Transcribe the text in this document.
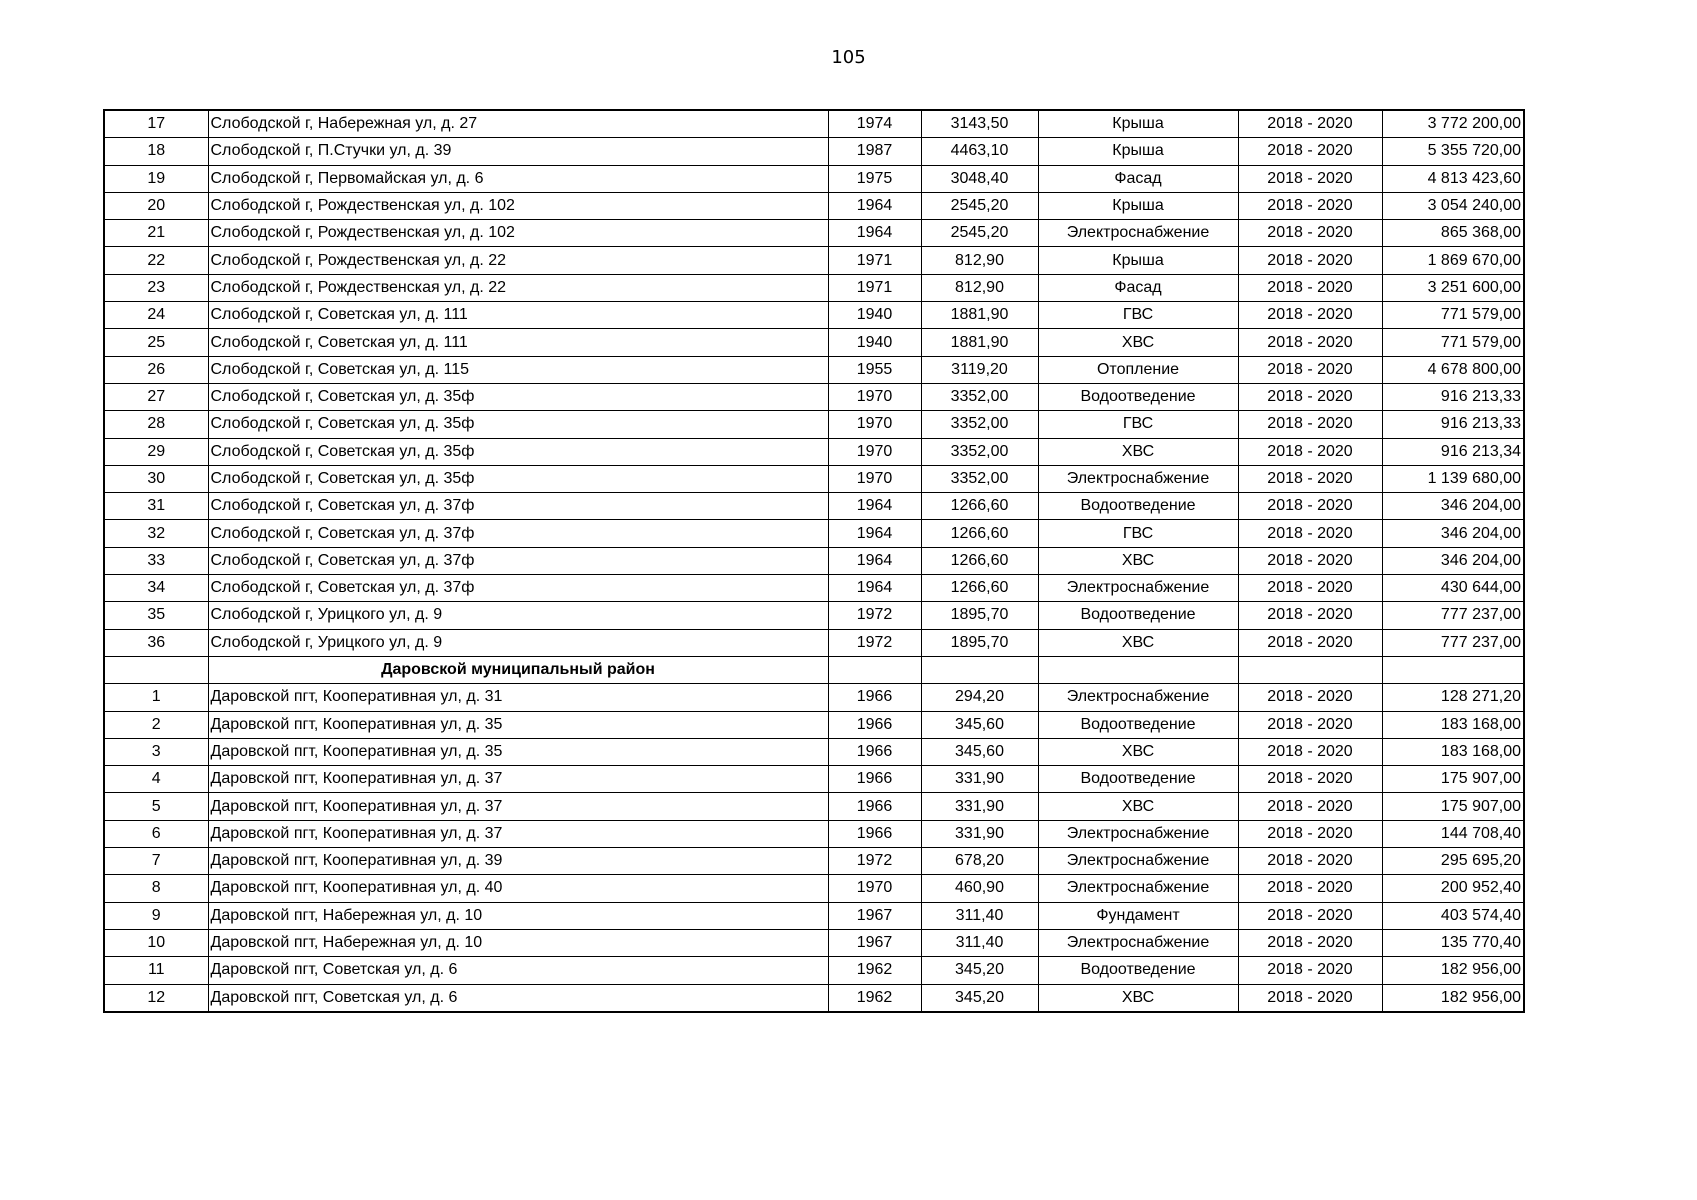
105
17	Слободской г, Набережная ул, д. 27	1974	3143,50	Крыша	2018 - 2020	3 772 200,00
18	Слободской г, П.Стучки ул, д. 39	1987	4463,10	Крыша	2018 - 2020	5 355 720,00
19	Слободской г, Первомайская ул, д. 6	1975	3048,40	Фасад	2018 - 2020	4 813 423,60
20	Слободской г, Рождественская ул, д. 102	1964	2545,20	Крыша	2018 - 2020	3 054 240,00
21	Слободской г, Рождественская ул, д. 102	1964	2545,20	Электроснабжение	2018 - 2020	865 368,00
22	Слободской г, Рождественская ул, д. 22	1971	812,90	Крыша	2018 - 2020	1 869 670,00
23	Слободской г, Рождественская ул, д. 22	1971	812,90	Фасад	2018 - 2020	3 251 600,00
24	Слободской г, Советская ул, д. 111	1940	1881,90	ГВС	2018 - 2020	771 579,00
25	Слободской г, Советская ул, д. 111	1940	1881,90	ХВС	2018 - 2020	771 579,00
26	Слободской г, Советская ул, д. 115	1955	3119,20	Отопление	2018 - 2020	4 678 800,00
27	Слободской г, Советская ул, д. 35ф	1970	3352,00	Водоотведение	2018 - 2020	916 213,33
28	Слободской г, Советская ул, д. 35ф	1970	3352,00	ГВС	2018 - 2020	916 213,33
29	Слободской г, Советская ул, д. 35ф	1970	3352,00	ХВС	2018 - 2020	916 213,34
30	Слободской г, Советская ул, д. 35ф	1970	3352,00	Электроснабжение	2018 - 2020	1 139 680,00
31	Слободской г, Советская ул, д. 37ф	1964	1266,60	Водоотведение	2018 - 2020	346 204,00
32	Слободской г, Советская ул, д. 37ф	1964	1266,60	ГВС	2018 - 2020	346 204,00
33	Слободской г, Советская ул, д. 37ф	1964	1266,60	ХВС	2018 - 2020	346 204,00
34	Слободской г, Советская ул, д. 37ф	1964	1266,60	Электроснабжение	2018 - 2020	430 644,00
35	Слободской г, Урицкого ул, д. 9	1972	1895,70	Водоотведение	2018 - 2020	777 237,00
36	Слободской г, Урицкого ул, д. 9	1972	1895,70	ХВС	2018 - 2020	777 237,00
	Даровской муниципальный район					
1	Даровской пгт, Кооперативная ул, д. 31	1966	294,20	Электроснабжение	2018 - 2020	128 271,20
2	Даровской пгт, Кооперативная ул, д. 35	1966	345,60	Водоотведение	2018 - 2020	183 168,00
3	Даровской пгт, Кооперативная ул, д. 35	1966	345,60	ХВС	2018 - 2020	183 168,00
4	Даровской пгт, Кооперативная ул, д. 37	1966	331,90	Водоотведение	2018 - 2020	175 907,00
5	Даровской пгт, Кооперативная ул, д. 37	1966	331,90	ХВС	2018 - 2020	175 907,00
6	Даровской пгт, Кооперативная ул, д. 37	1966	331,90	Электроснабжение	2018 - 2020	144 708,40
7	Даровской пгт, Кооперативная ул, д. 39	1972	678,20	Электроснабжение	2018 - 2020	295 695,20
8	Даровской пгт, Кооперативная ул, д. 40	1970	460,90	Электроснабжение	2018 - 2020	200 952,40
9	Даровской пгт, Набережная ул, д. 10	1967	311,40	Фундамент	2018 - 2020	403 574,40
10	Даровской пгт, Набережная ул, д. 10	1967	311,40	Электроснабжение	2018 - 2020	135 770,40
11	Даровской пгт, Советская ул, д. 6	1962	345,20	Водоотведение	2018 - 2020	182 956,00
12	Даровской пгт, Советская ул, д. 6	1962	345,20	ХВС	2018 - 2020	182 956,00
